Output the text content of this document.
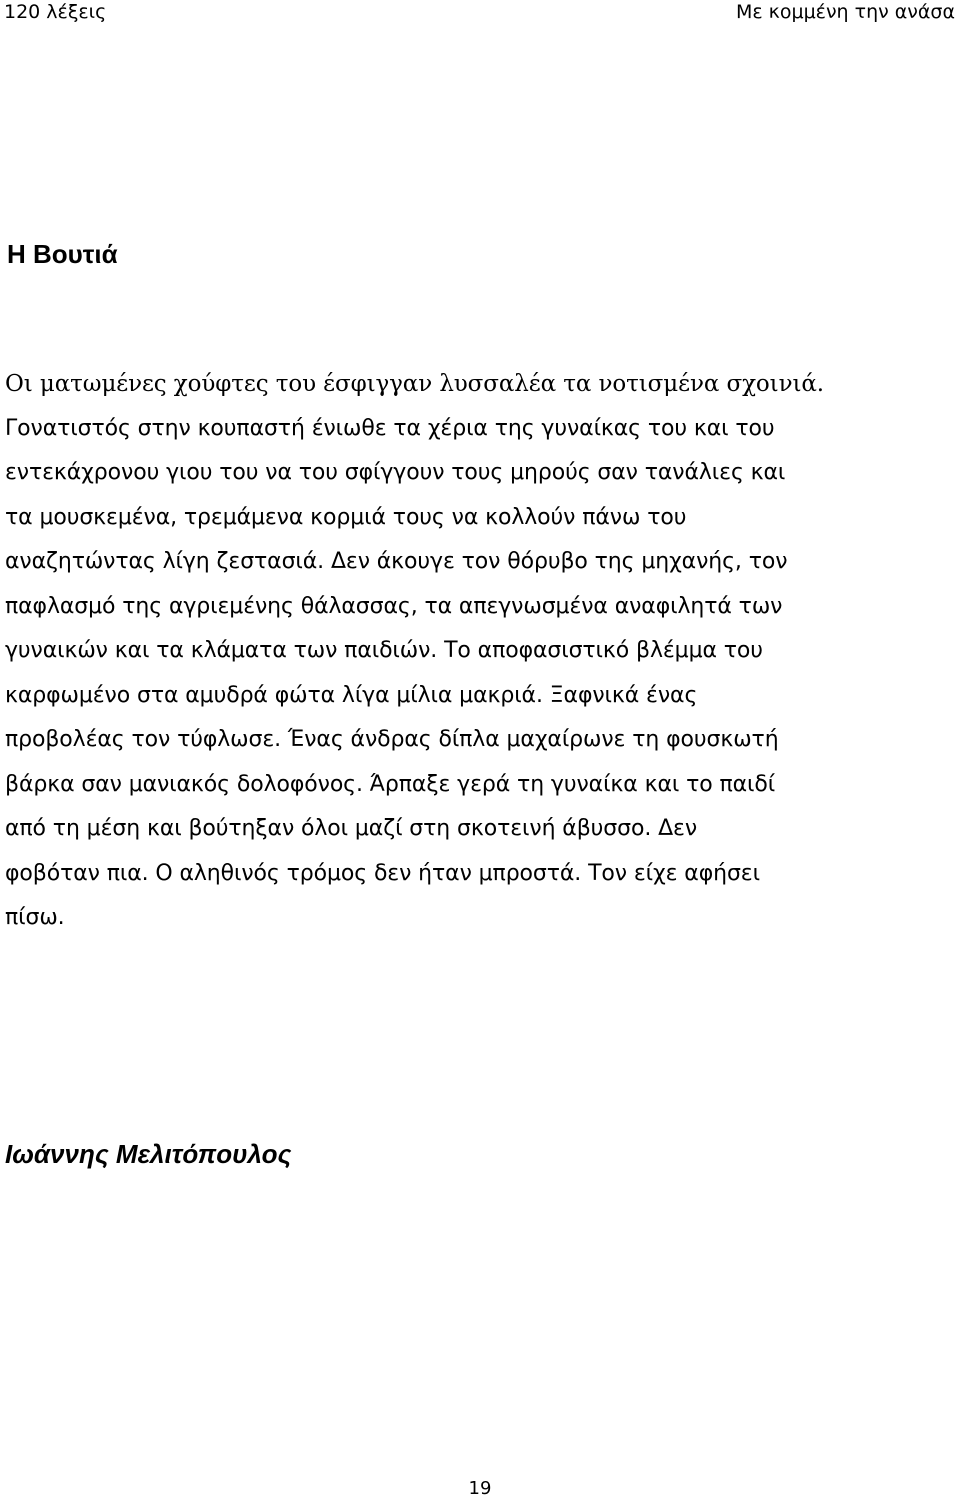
120 λέξεις	Με κομμένη την ανάσα
Η Βουτιά
Οι ματωμένες χούφτες του έσφιγγαν λυσσαλέα τα νοτισμένα σχοινιά.
Γονατιστός στην κουπαστή ένιωθε τα χέρια της γυναίκας του και του
εντεκάχρονου γιου του να του σφίγγουν τους μηρούς σαν τανάλιες και
τα μουσκεμένα, τρεμάμενα κορμιά τους να κολλούν πάνω του
αναζητώντας λίγη ζεστασιά. Δεν άκουγε τον θόρυβο της μηχανής, τον
παφλασμό της αγριεμένης θάλασσας, τα απεγνωσμένα αναφιλητά των
γυναικών και τα κλάματα των παιδιών. Το αποφασιστικό βλέμμα του
καρφωμένο στα αμυδρά φώτα λίγα μίλια μακριά. Ξαφνικά ένας
προβολέας τον τύφλωσε. Ένας άνδρας δίπλα μαχαίρωνε τη φουσκωτή
βάρκα σαν μανιακός δολοφόνος. Άρπαξε γερά τη γυναίκα και το παιδί
από τη μέση και βούτηξαν όλοι μαζί στη σκοτεινή άβυσσο. Δεν
φοβόταν πια. Ο αληθινός τρόμος δεν ήταν μπροστά. Τον είχε αφήσει
πίσω.

Ιωάννης Μελιτόπουλος

19
